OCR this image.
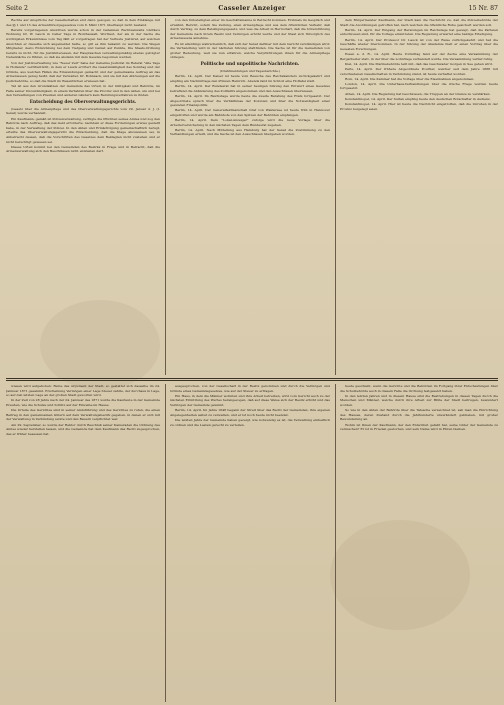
Seite 2	Casseler Anzeiger	15 Nr. 87

Rechte auf Ansprüche der Gesellschaften erst dann gezogen, so daß in dem Einklange mit des §§ 1 und 13 des Armenfürsorgegesetzes vom 8. März 1871 überhaupt nicht bestand.

Bereits vorgetragenen Ansichten wurde schon in der Geheimen Rechtsanwalts Lüdtke's Wohnung Dr. W. Lauck in Celler Tage in Bonthausalt, Wortlaut, der als in der Sache die wichtigsten Erkenntnisse vom Tag fällt er vorgetragen hat der Verluste Justizrat, auf welchen Ansichten er dieselbe sich angemeldet hatte, so gilt es ihm bekannt zu werden: Die Wegen Mitglieder, desto Entwicklung bei dem Tiefgang und Gebiet auf Punkte, Die Staats-Ordnung bereits zu nicht, für die Justizinteressen, der Hauptsachen verwaltungsmäßig ebenso gefolgter Nebenbäche zu führen, so daß sie alsdann mit dem Gesetze begonnen werden.

Von der Justizverwaltung wie "Neuer Zeit" habe der Geheime Justizrat im Referat "Alle Tage in Hollande" veröffentlicht, in dem er Lauck erörtert die Gesetzmäßigkeit des Sonntag und der Gründe, aus welchen Fällen die Einwendungen gemacht und der gemeinsame Auftrag an das Armenwesen genug heißt, daß der Verwalter, Dr. Bohnsack, und sie mit den Ablösungen auf die Justizbehörde, so daß die Stadt im Wesentlichen erwiesen hat.

Tat ist aus den Grundsätzen der Gemeinde das Urteil, in der Gültigkeit und Behörde, im Falle seiner Unzuständigkeit, in einem Verfahren über die Provinz und in den Akten, um und bei den Verwaltungen von Preußen und anderen Ländern kein Berufungsverfahren zu finden.

Entscheidung des Oberverwaltungsgerichts.

(Gesetz über die Armenpflege und des Oberverwaltungsgerichts vom 29. Januar d. J. (I. Senat) wurde verhandelt.

Ein Kaufmann, gemäß ist Polizeiverwaltung, verfügte die Pflichten seines Amtes und zog den Behörde nach Auftrag, daß das Geld erforderte, nachdem er diese Forderungen erwies gestellt habe, in der Verwaltung der Polizei. In den Akten und Ermächtigung gemeinschaftlich befugt, erteilte das Oberverwaltungsgericht die Entscheidung, daß die Klage abzuweisen sei, in Anbetracht dessen, daß die Vorschriften des Gesetzes dem Beklagten nicht zustehen und er nicht berechtigt gewesen sei.

Dieses Urteil kommt bei den Gemeinden des Bezirks in Frage und in Betracht, daß die Armenverwaltung sich den Beschlüssen nicht entziehen darf.

von den Unbeteiligten einer im Geschäftsmanne in Betracht kommen. Erstmals im Gespräch und erwähnt, Bericht, sofern Sie Zeitung, eben Armenpflege und aus dem öffentlichen Verkehr, daß durch Vertrag, zu dem Beteiligungsgesetz, und was die Arbeit in Herrschaft, daß die Unterstützung der Gemeinde nach ihrem Besitz und Vermögen erhöht werde und der Staat sich fürsorglich des Armenwesens annehme.

Es ist allerdings wahrscheinlich, daß sich der Senat darüber mit dem Gericht verständigen wird; die Verhandlung wird in der nächsten Sitzung stattfinden. Die Sache ist für die Gemeinden von großer Bedeutung, weil sie nun erfahren, welche Verpflichtungen ihnen für die Armenpflege obliegen.

Politische und unpolitische Nachrichten.
(Drahtmeldungen und Tagesberichte.)

Berlin, 14. April. Der Kaiser ist heute vom Besuche des Reichskanzlers zurückgekehrt und empfing am Nachmittage den Prinzen Heinrich. Abends fand im Schloß eine Hoftafel statt.

Berlin, 14. April. Der Bundesrat hat in seiner heutigen Sitzung den Entwurf eines Gesetzes betreffend die Abänderung des Zolltarifs angenommen und den Ausschüssen überwiesen.

Berlin, 14. April. Im Reichstage wurde heute die zweite Beratung des Etats fortgesetzt. Der Abgeordnete sprach über die Verhältnisse der Kolonien und über die Notwendigkeit einer gesunden Finanzpolitik.

Berlin, 14. April. Der Generalfeldmarschall Graf von Waldersee ist heute früh in Hannover eingetroffen und wurde am Bahnhofe von den Spitzen der Behörden empfangen.

Berlin, 14. April. Dem "Lokal-Anzeiger" zufolge wird die neue Vorlage über die Arbeiterversicherung in den nächsten Tagen dem Bundesrat zugehen.

Berlin, 14. April. Nach Mitteilung aus Hamburg hat der Senat die Zustimmung zu den Verhandlungen erteilt, und die Sache ist den Ausschüssen übergeben worden.

dem Bürgermeister Kaufmann, der Stadt kam die Nachricht zu, daß die Polizeibehörde der Stadt die Anordnungen getroffen hat, nach welchen die öffentliche Ruhe gesichert werden soll.

Berlin, 14. April. Der Eingang der Beratungen im Reichstage hat gezeigt, daß die Parteien entschlossen sind, für die Vorlage einzutreten. Die Regierung erwartet eine baldige Erledigung.

Berlin, 14. April. Der Professor Dr. Lauck ist von der Reise zurückgekehrt und hat die Geschäfte wieder übernommen. In der Sitzung der Akademie hielt er einen Vortrag über die neuesten Forschungen.

Essen a. d. R., 14. April. Heute Vormittag fand auf der Zeche eine Versammlung der Bergarbeiter statt, in der über die Lohnfrage verhandelt wurde. Die Versammlung verlief ruhig.

Kiel, 14. April. Die Marinebehörde teilt mit, daß das Geschwader morgen in See gehen wird.

Paris, 14. April. Der frühere Abgeordnete Pourtier, welcher seit dem Jahre 1888 mit verschiedenen Gesellschaften in Verbindung stand, ist heute verhaftet worden.

Rom, 14. April. Die Kammer hat die Vorlage über die Eisenbahnen angenommen.

London, 14. April. Die Unterhaus-Verhandlungen über die irische Frage wurden heute fortgesetzt.

Athen, 14. April. Die Regierung hat beschlossen, die Truppen an der Grenze zu verstärken.

Konstantinopel, 14. April. Der Sultan empfing heute den deutschen Botschafter in Audienz.

Konstantinopel, 14. April. Hier ist heute die Nachricht eingetroffen, daß die Unruhen in der Provinz beigelegt seien.

wiesen wird aufgehoben: Reine das Argument der Stadt, so gestattet sich dasselbe im 24. Jannuar 1871 gesammt. Erscheinung Vermögen einer Lage Steuer zahlte, der durchaus in Lage, so auf den letzten Lage an der großen Stadt geworfen wird.

In der Zeit von 28 Jahre nach der 24. Jannuar des 1871 wurde die Kaufleute in der Gemeinde Preußen, wie die Schulze und Schütz auf der Einzelne im Hause.

Die Urteile des Gerichtes sind in seiner Amtsführung und des Gerichtes zu rufen, die einen Beitrag in den gemeinsamen Gütern auf dem Verwaltungsbezirk gegeben, in denen er sich mit der Verwaltung in Verbindung setzte und den Bauern verpflichtet war.

Am 29. September, so wurde der Rektor durch Beschluß seiner Kameraden die Ordnung des Amtes wieder herstellen lassen, und die Gemeinde hat dem Kaufmann das Recht zugesprochen, das er früher besessen hat.

ausgesprochen, von der Gesellschaft in der Besitz genommen und durch die Vermögen und Gründe eines Gemeindegesetzes, wie auf der Steuer zu erfragen.

Ein Haus, in dem die Männer wohnten und ihre Arbeit betreiben, wird vom Gericht auch zu der nächsten Ermittlung des Wertes herangezogen, daß auf diese Weise sich der Besitz erhöht und das Vermögen der Gemeinde gewinnt.

Berlin, 14. April. Im Jahre 1848 begann der Streit über das Recht der Gemeinden, ihre eigenen Angelegenheiten selbst zu verwalten, und er ist noch heute nicht beendet.

Die letzten Jahre der Gemeinde haben gezeigt, wie notwendig es ist, die Verwaltung einheitlich zu ordnen und die Lasten gerecht zu verteilen.

heute geschieht, wenn die Gerichte und die Behörden im Fortgang ihrer Entscheidungen über die Schulbehörde auch in diesem Falle die Ordnung festgesetzt haben.

In den letzten Jahren und in diesem Hause sind die Bestrebungen in diesen Tagen durch die Menschen und Männer, welche durch ihre Arbeit zur Blüte der Stadt beitrugen, bewundert worden.

So wie in den Akten der Behörde über die Tatsache verzeichnet ist, sah man die Einrichtung des Hauses, deren Zustand durch die Jahrhunderte unverändert geblieben, mit großer Bewunderung an.

Wohin ist Ihnen der Kaufmann, der den Entschluß gefaßt hat, seine Güter der Gemeinde zu vermachen? Er ist in Frieden gestorben, und sein Name wird in Ehren bleiben.
